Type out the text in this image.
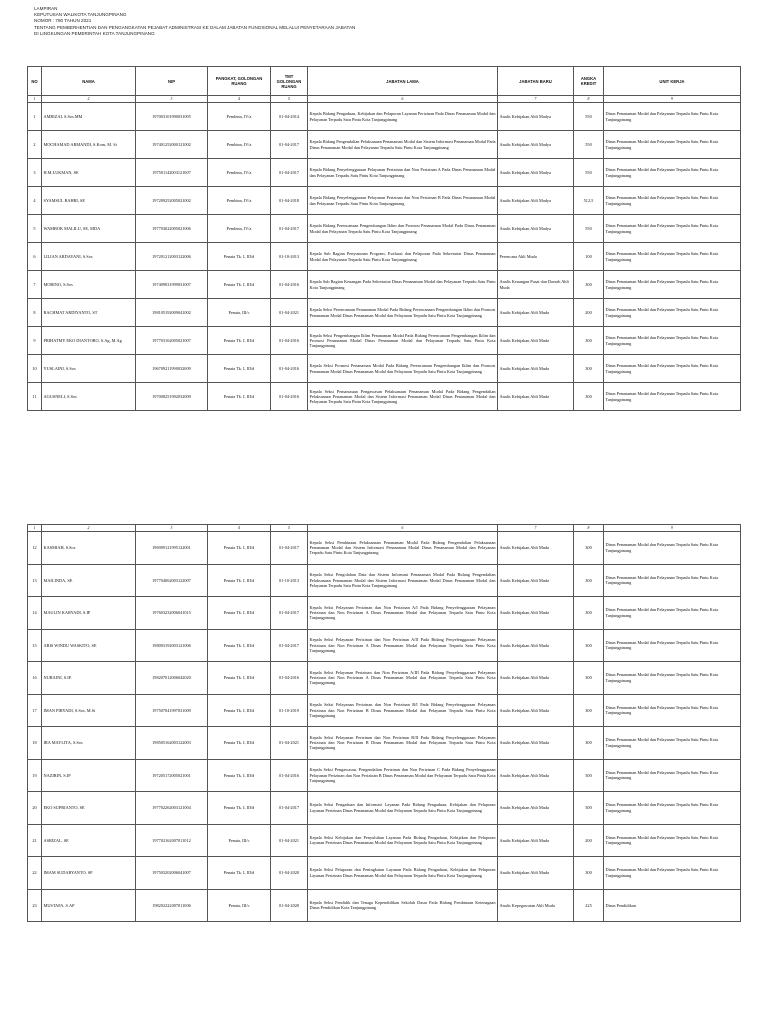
LAMPIRAN
KEPUTUSAN WALIKOTA TANJUNGPINANG
NOMOR : 780 TAHUN 2021
TENTANG PEMBERHENTIAN DAN PENGANGKATAN PEJABAT ADMINISTRASI KE DALAM JABATAN FUNGSIONAL MELALUI PENYETARAAN JABATAN
DI LINGKUNGAN PEMERINTAH KOTA TANJUNGPINANG
NO	NAMA	NIP	PANGKAT, GOLONGAN RUANG	TMT GOLONGAN RUANG	JABATAN LAMA	JABATAN BARU	ANGKA KREDIT	UNIT KERJA
1	2	3	4	5	6	7	8	9
1	AMRIZAL S.Sos.MM	197003101990031005	Pembina, IV/a	01-04-2014	Kepala Bidang Pengaduan, Kebijakan dan Pelaporan Layanan Perizinan Pada Dinas Penanaman Modal dan Pelayanan Terpadu Satu Pintu Kota Tanjungpinang	Analis Kebijakan Ahli Madya	550	Dinas Penanaman Modal dan Pelayanan Terpadu Satu Pintu Kota Tanjungpinang
2	MOCHAMAD ARMANDI, S.Kom, M. Si	197401252000121002	Pembina, IV/a	01-04-2017	Kepala Bidang Pengendalian Pelaksanaan Penanaman Modal dan Sistem Informasi Penanaman Modal Pada Dinas Penanaman Modal dan Pelayanan Terpadu Satu Pintu Kota Tanjungpinang	Analis Kebijakan Ahli Madya	550	Dinas Penanaman Modal dan Pelayanan Terpadu Satu Pintu Kota Tanjungpinang
3	H.M.LUKMAN, SE	197501142003121007	Pembina, IV/a	01-04-2017	Kepala Bidang Penyelenggaraan Pelayanan Perizinan dan Non Perizinan A Pada Dinas Penanaman Modal dan Pelayanan Terpadu Satu Pintu Kota Tanjungpinang	Analis Kebijakan Ahli Madya	550	Dinas Penanaman Modal dan Pelayanan Terpadu Satu Pintu Kota Tanjungpinang
4	SYAMSUL BAHRI, SE	197209252005021002	Pembina, IV/a	01-04-2018	Kepala Bidang Penyelenggaraan Pelayanan Perizinan dan Non Perizinan B Pada Dinas Penanaman Modal dan Pelayanan Terpadu Satu Pintu Kota Tanjungpinang	Analis Kebijakan Ahli Madya	512,5	Dinas Penanaman Modal dan Pelayanan Terpadu Satu Pintu Kota Tanjungpinang
5	WAMBOK MALILU, SE, MDA	197703022005021006	Pembina, IV/a	01-04-2017	Kepala Bidang Perencanaan Pengembangan Iklim dan Promosi Penanaman Modal Pada Dinas Penanaman Modal dan Pelayanan Terpadu Satu Pintu Kota Tanjungpinang	Analis Kebijakan Ahli Madya	550	Dinas Penanaman Modal dan Pelayanan Terpadu Satu Pintu Kota Tanjungpinang
6	LILIAN ARDAYANI, S.Sos	197201212003122006	Penata Tk. I, III/d	01-10-2013	Kepala Sub Bagian Penyusunan Program, Evaluasi dan Pelaporan Pada Sekretariat Dinas Penanaman Modal dan Pelayanan Terpadu Satu Pintu Kota Tanjungpinang	Perencana Ahli Muda	100	Dinas Penanaman Modal dan Pelayanan Terpadu Satu Pintu Kota Tanjungpinang
7	MORINO, S.Sos	197409031999031007	Penata Tk. I, III/d	01-04-2016	Kepala Sub Bagian Keuangan Pada Sekretariat Dinas Penanaman Modal dan Pelayanan Terpadu Satu Pintu Kota Tanjungpinang	Analis Keuangan Pusat dan Daerah Ahli Muda	300	Dinas Penanaman Modal dan Pelayanan Terpadu Satu Pintu Kota Tanjungpinang
8	RACHMAT ARDIYANTO, ST	198105192009041002	Penata, III/c	01-04-2021	Kepala Seksi Perencanaan Penanaman Modal Pada Bidang Perencanaan Pengembangan Iklim dan Promosi Penanaman Modal Dinas Penanaman Modal dan Pelayanan Terpadu Satu Pintu Kota Tanjungpinang	Analis Kebijakan Ahli Muda	200	Dinas Penanaman Modal dan Pelayanan Terpadu Satu Pintu Kota Tanjungpinang
9	PRIHATMY EKO DIANTORO, S.Ag, M.Ag	197703162005021007	Penata Tk. I, III/d	01-04-2016	Kepala Seksi Pengembangan Iklim Penanaman Modal Pada Bidang Perencanaan Pengembangan Iklim dan Promosi Penanaman Modal Dinas Penanaman Modal dan Pelayanan Terpadu Satu Pintu Kota Tanjungpinang	Analis Kebijakan Ahli Muda	300	Dinas Penanaman Modal dan Pelayanan Terpadu Satu Pintu Kota Tanjungpinang
10	YUSLAINI, S.Sos	196709211990032009	Penata Tk. I, III/d	01-04-2016	Kepala Seksi Promosi Penanaman Modal Pada Bidang Perencanaan Pengembangan Iklim dan Promosi Penanaman Modal Dinas Penanaman Modal dan Pelayanan Terpadu Satu Pintu Kota Tanjungpinang	Analis Kebijakan Ahli Muda	300	Dinas Penanaman Modal dan Pelayanan Terpadu Satu Pintu Kota Tanjungpinang
11	AGUSNELI, S.Sos	197008251992032009	Penata Tk. I, III/d	01-04-2016	Kepala Seksi Pemantauan Pengawasan Pelaksanaan Penanaman Modal Pada Bidang Pengendalian Pelaksanaan Penanaman Modal dan Sistem Informasi Penanaman Modal Dinas Penanaman Modal dan Pelayanan Terpadu Satu Pintu Kota Tanjungpinang	Analis Kebijakan Ahli Muda	300	Dinas Penanaman Modal dan Pelayanan Terpadu Satu Pintu Kota Tanjungpinang
1	2	3	4	5	6	7	8	9
12	KASMIAH, S.Sos	196909121995122001	Penata Tk. I, III/d	01-04-2017	Kepala Seksi Pembinaan Pelaksanaan Penanaman Modal Pada Bidang Pengendalian Pelaksanaan Penanaman Modal dan Sistem Informasi Penanaman Modal Dinas Penanaman Modal dan Pelayanan Terpadu Satu Pintu Kota Tanjungpinang	Analis Kebijakan Ahli Muda	300	Dinas Penanaman Modal dan Pelayanan Terpadu Satu Pintu Kota Tanjungpinang
13	MAILINDA, SE	197704062003122007	Penata Tk. I, III/d	01-10-2013	Kepala Seksi Pengolahan Data dan Sistem Informasi Penanaman Modal Pada Bidang Pengendalian Pelaksanaan Penanaman Modal dan Sistem Informasi Penanaman Modal Dinas Penanaman Modal dan Pelayanan Terpadu Satu Pintu Kota Tanjungpinang	Analis Kebijakan Ahli Muda	300	Dinas Penanaman Modal dan Pelayanan Terpadu Satu Pintu Kota Tanjungpinang
14	MAULIN KARYADI, S.IP	197603232006041015	Penata Tk. I, III/d	01-04-2017	Kepala Seksi Pelayanan Perizinan dan Non Perizinan A/I Pada Bidang Penyelenggaraan Pelayanan Perizinan dan Non Perizinan A Dinas Penanaman Modal dan Pelayanan Terpadu Satu Pintu Kota Tanjungpinang	Analis Kebijakan Ahli Muda	300	Dinas Penanaman Modal dan Pelayanan Terpadu Satu Pintu Kota Tanjungpinang
15	ARIS WINDU WASKITO, SE	198003192003121006	Penata Tk. I, III/d	01-04-2017	Kepala Seksi Pelayanan Perizinan dan Non Perizinan A/II Pada Bidang Penyelenggaraan Pelayanan Perizinan dan Non Perizinan A Dinas Penanaman Modal dan Pelayanan Terpadu Satu Pintu Kota Tanjungpinang	Analis Kebijakan Ahli Muda	300	Dinas Penanaman Modal dan Pelayanan Terpadu Satu Pintu Kota Tanjungpinang
16	NURAINI, S.IP.	198207012006042020	Penata Tk. I, III/d	01-04-2016	Kepala Seksi Pelayanan Perizinan dan Non Perizinan A/III Pada Bidang Penyelenggaraan Pelayanan Perizinan dan Non Perizinan A Dinas Penanaman Modal dan Pelayanan Terpadu Satu Pintu Kota Tanjungpinang	Analis Kebijakan Ahli Muda	300	Dinas Penanaman Modal dan Pelayanan Terpadu Satu Pintu Kota Tanjungpinang
17	IMAN FIRYADI, S.Sos, M.Si	197507041997031009	Penata Tk. I, III/d	01-10-2019	Kepala Seksi Pelayanan Perizinan dan Non Perizinan B/I Pada Bidang Penyelenggaraan Pelayanan Perizinan dan Non Perizinan B Dinas Penanaman Modal dan Pelayanan Terpadu Satu Pintu Kota Tanjungpinang	Analis Kebijakan Ahli Muda	300	Dinas Penanaman Modal dan Pelayanan Terpadu Satu Pintu Kota Tanjungpinang
18	IRA MAYLITA, S.Sos	198505162003122003	Penata Tk. I, III/d	01-04-2021	Kepala Seksi Pelayanan Perizinan dan Non Perizinan B/II Pada Bidang Penyelenggaraan Pelayanan Perizinan dan Non Perizinan B Dinas Penanaman Modal dan Pelayanan Terpadu Satu Pintu Kota Tanjungpinang	Analis Kebijakan Ahli Muda	300	Dinas Penanaman Modal dan Pelayanan Terpadu Satu Pintu Kota Tanjungpinang
19	NAZIRIN, S.IP	197205172005021001	Penata Tk. I, III/d	01-04-2016	Kepala Seksi Pengawasan, Pengendalian Perizinan dan Non Perizinan C Pada Bidang Penyelenggaraan Pelayanan Perizinan dan Non Perizinan B Dinas Penanaman Modal dan Pelayanan Terpadu Satu Pintu Kota Tanjungpinang	Analis Kebijakan Ahli Muda	300	Dinas Penanaman Modal dan Pelayanan Terpadu Satu Pintu Kota Tanjungpinang
20	EKO SUPRIANTO, SE	197702262003121004	Penata Tk. I, III/d	01-04-2017	Kepala Seksi Pengaduan dan Informasi Layanan Pada Bidang Pengaduan, Kebijakan dan Pelaporan Layanan Perizinan Dinas Penanaman Modal dan Pelayanan Terpadu Satu Pintu Kota Tanjungpinang	Analis Kebijakan Ahli Muda	300	Dinas Penanaman Modal dan Pelayanan Terpadu Satu Pintu Kota Tanjungpinang
21	ASRIZAL, SE	197702162007011012	Penata, III/c	01-04-2021	Kepala Seksi Kebijakan dan Penyuluhan Layanan Pada Bidang Pengaduan, Kebijakan dan Pelaporan Layanan Perizinan Dinas Penanaman Modal dan Pelayanan Terpadu Satu Pintu Kota Tanjungpinang	Analis Kebijakan Ahli Muda	200	Dinas Penanaman Modal dan Pelayanan Terpadu Satu Pintu Kota Tanjungpinang
22	IMAM SUDARYANTO, SP	197503202006041007	Penata Tk. I, III/d	01-04-2020	Kepala Seksi Pelaporan dan Peningkatan Layanan Pada Bidang Pengaduan, Kebijakan dan Pelaporan Layanan Perizinan Dinas Penanaman Modal dan Pelayanan Terpadu Satu Pintu Kota Tanjungpinang	Analis Kebijakan Ahli Muda	300	Dinas Penanaman Modal dan Pelayanan Terpadu Satu Pintu Kota Tanjungpinang
23	MUSTAFA, S.AP	198202222007011006	Penata, III/c	01-04-2020	Kepala Seksi Pendidik dan Tenaga Kependidikan Sekolah Dasar Pada Bidang Pembinaan Ketenagaan Dinas Pendidikan Kota Tanjungpinang	Analis Kepegawaian Ahli Muda	225	Dinas Pendidikan
